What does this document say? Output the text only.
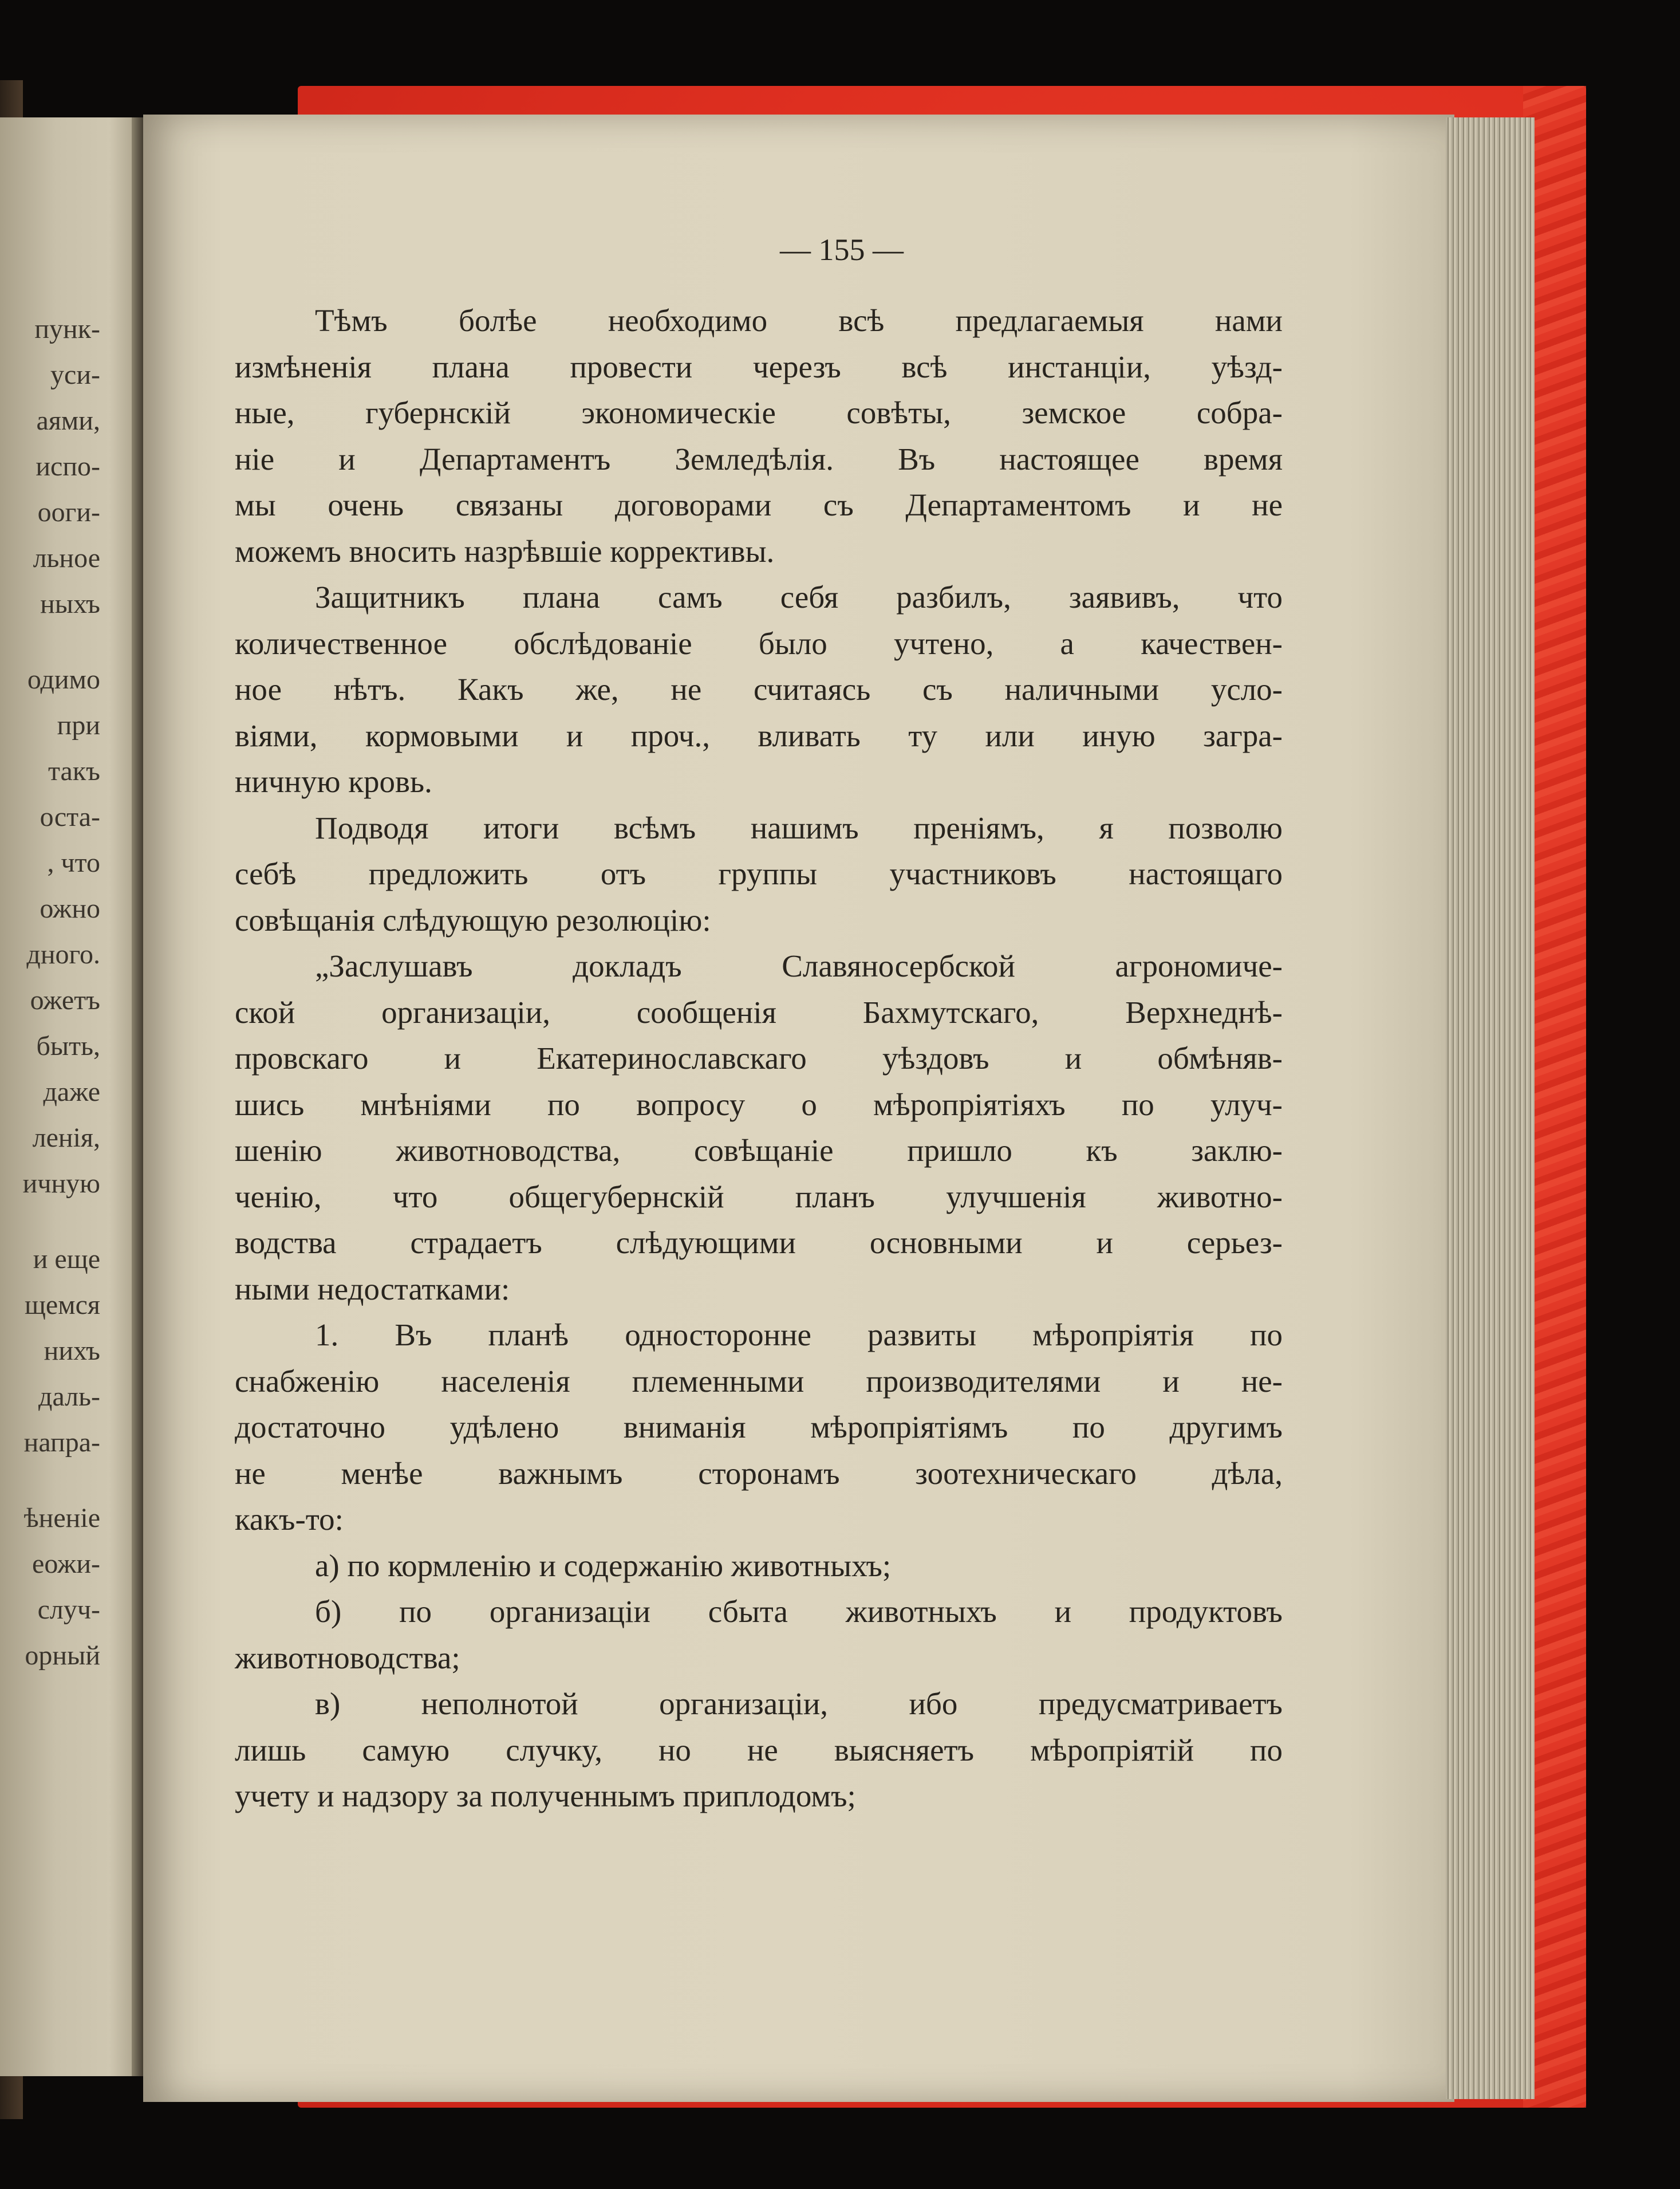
пунк-
уси-
аями,
испо-
ооги-
льное
ныхъ
одимо
при
такъ
оста-
, что
ожно
дного.
ожетъ
быть,
даже
ленія,
ичную
и еще
щемся
нихъ
даль-
напра-
ѣненіе
еожи-
случ-
орный
— 155 —
Тѣмъ болѣе необходимо всѣ предлагаемыя нами
измѣненія плана провести черезъ всѣ инстанціи, уѣзд-
ные, губернскій экономическіе совѣты, земское собра-
ніе и Департаментъ Земледѣлія. Въ настоящее время
мы очень связаны договорами съ Департаментомъ и не
можемъ вносить назрѣвшіе коррективы.
Защитникъ плана самъ себя разбилъ, заявивъ, что
количественное обслѣдованіе было учтено, а качествен-
ное нѣтъ. Какъ же, не считаясь съ наличными усло-
віями, кормовыми и проч., вливать ту или иную загра-
ничную кровь.
Подводя итоги всѣмъ нашимъ преніямъ, я позволю
себѣ предложить отъ группы участниковъ настоящаго
совѣщанія слѣдующую резолюцію:
„Заслушавъ докладъ Славяносербской агрономиче-
ской организаціи, сообщенія Бахмутскаго, Верхнеднѣ-
провскаго и Екатеринославскаго уѣздовъ и обмѣняв-
шись мнѣніями по вопросу о мѣропріятіяхъ по улуч-
шенію животноводства, совѣщаніе пришло къ заклю-
ченію, что общегубернскій планъ улучшенія животно-
водства страдаетъ слѣдующими основными и серьез-
ными недостатками:
1. Въ планѣ односторонне развиты мѣропріятія по
снабженію населенія племенными производителями и не-
достаточно удѣлено вниманія мѣропріятіямъ по другимъ
не менѣе важнымъ сторонамъ зоотехническаго дѣла,
какъ-то:
а) по кормленію и содержанію животныхъ;
б) по организаціи сбыта животныхъ и продуктовъ
животноводства;
в) неполнотой организаціи, ибо предусматриваетъ
лишь самую случку, но не выясняетъ мѣропріятій по
учету и надзору за полученнымъ приплодомъ;
